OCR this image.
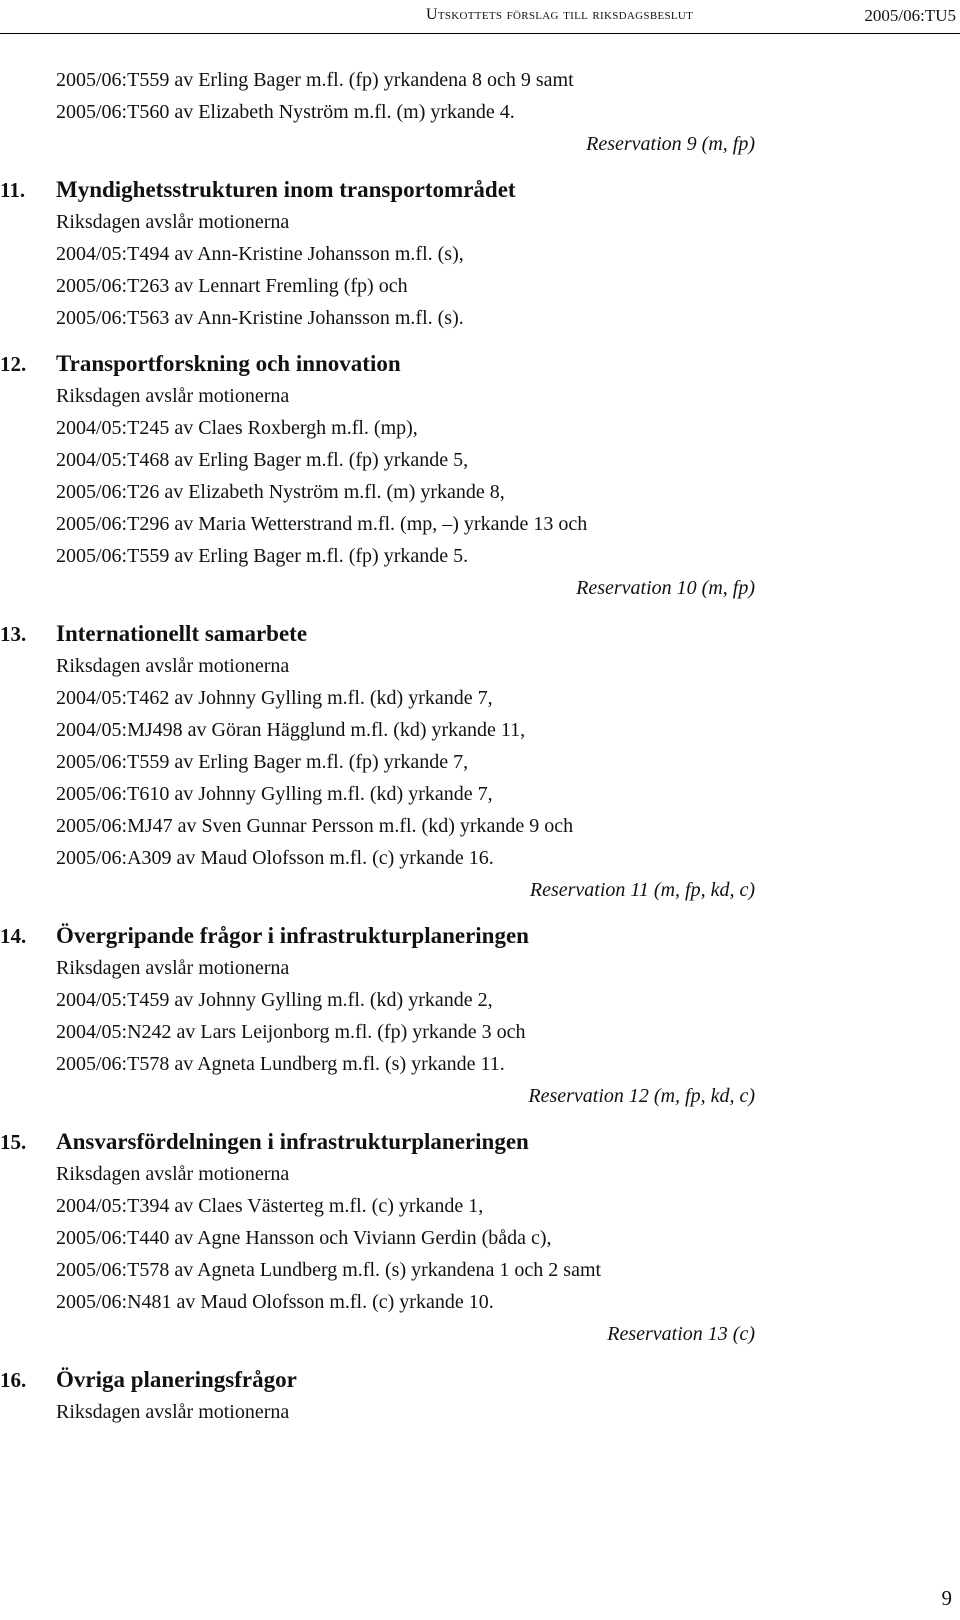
Utskottets förslag till riksdagsbeslut	2005/06:TU5
2005/06:T559 av Erling Bager m.fl. (fp) yrkandena 8 och 9 samt
2005/06:T560 av Elizabeth Nyström m.fl. (m) yrkande 4.
Reservation 9 (m, fp)
11.	Myndighetsstrukturen inom transportområdet
Riksdagen avslår motionerna
2004/05:T494 av Ann-Kristine Johansson m.fl. (s),
2005/06:T263 av Lennart Fremling (fp) och
2005/06:T563 av Ann-Kristine Johansson m.fl. (s).
12.	Transportforskning och innovation
Riksdagen avslår motionerna
2004/05:T245 av Claes Roxbergh m.fl. (mp),
2004/05:T468 av Erling Bager m.fl. (fp) yrkande 5,
2005/06:T26 av Elizabeth Nyström m.fl. (m) yrkande 8,
2005/06:T296 av Maria Wetterstrand m.fl. (mp, –) yrkande 13 och
2005/06:T559 av Erling Bager m.fl. (fp) yrkande 5.
Reservation 10 (m, fp)
13.	Internationellt samarbete
Riksdagen avslår motionerna
2004/05:T462 av Johnny Gylling m.fl. (kd) yrkande 7,
2004/05:MJ498 av Göran Hägglund m.fl. (kd) yrkande 11,
2005/06:T559 av Erling Bager m.fl. (fp) yrkande 7,
2005/06:T610 av Johnny Gylling m.fl. (kd) yrkande 7,
2005/06:MJ47 av Sven Gunnar Persson m.fl. (kd) yrkande 9 och
2005/06:A309 av Maud Olofsson m.fl. (c) yrkande 16.
Reservation 11 (m, fp, kd, c)
14.	Övergripande frågor i infrastrukturplaneringen
Riksdagen avslår motionerna
2004/05:T459 av Johnny Gylling m.fl. (kd) yrkande 2,
2004/05:N242 av Lars Leijonborg m.fl. (fp) yrkande 3 och
2005/06:T578 av Agneta Lundberg m.fl. (s) yrkande 11.
Reservation 12 (m, fp, kd, c)
15.	Ansvarsfördelningen i infrastrukturplaneringen
Riksdagen avslår motionerna
2004/05:T394 av Claes Västerteg m.fl. (c) yrkande 1,
2005/06:T440 av Agne Hansson och Viviann Gerdin (båda c),
2005/06:T578 av Agneta Lundberg m.fl. (s) yrkandena 1 och 2 samt
2005/06:N481 av Maud Olofsson m.fl. (c) yrkande 10.
Reservation 13 (c)
16.	Övriga planeringsfrågor
Riksdagen avslår motionerna
9
